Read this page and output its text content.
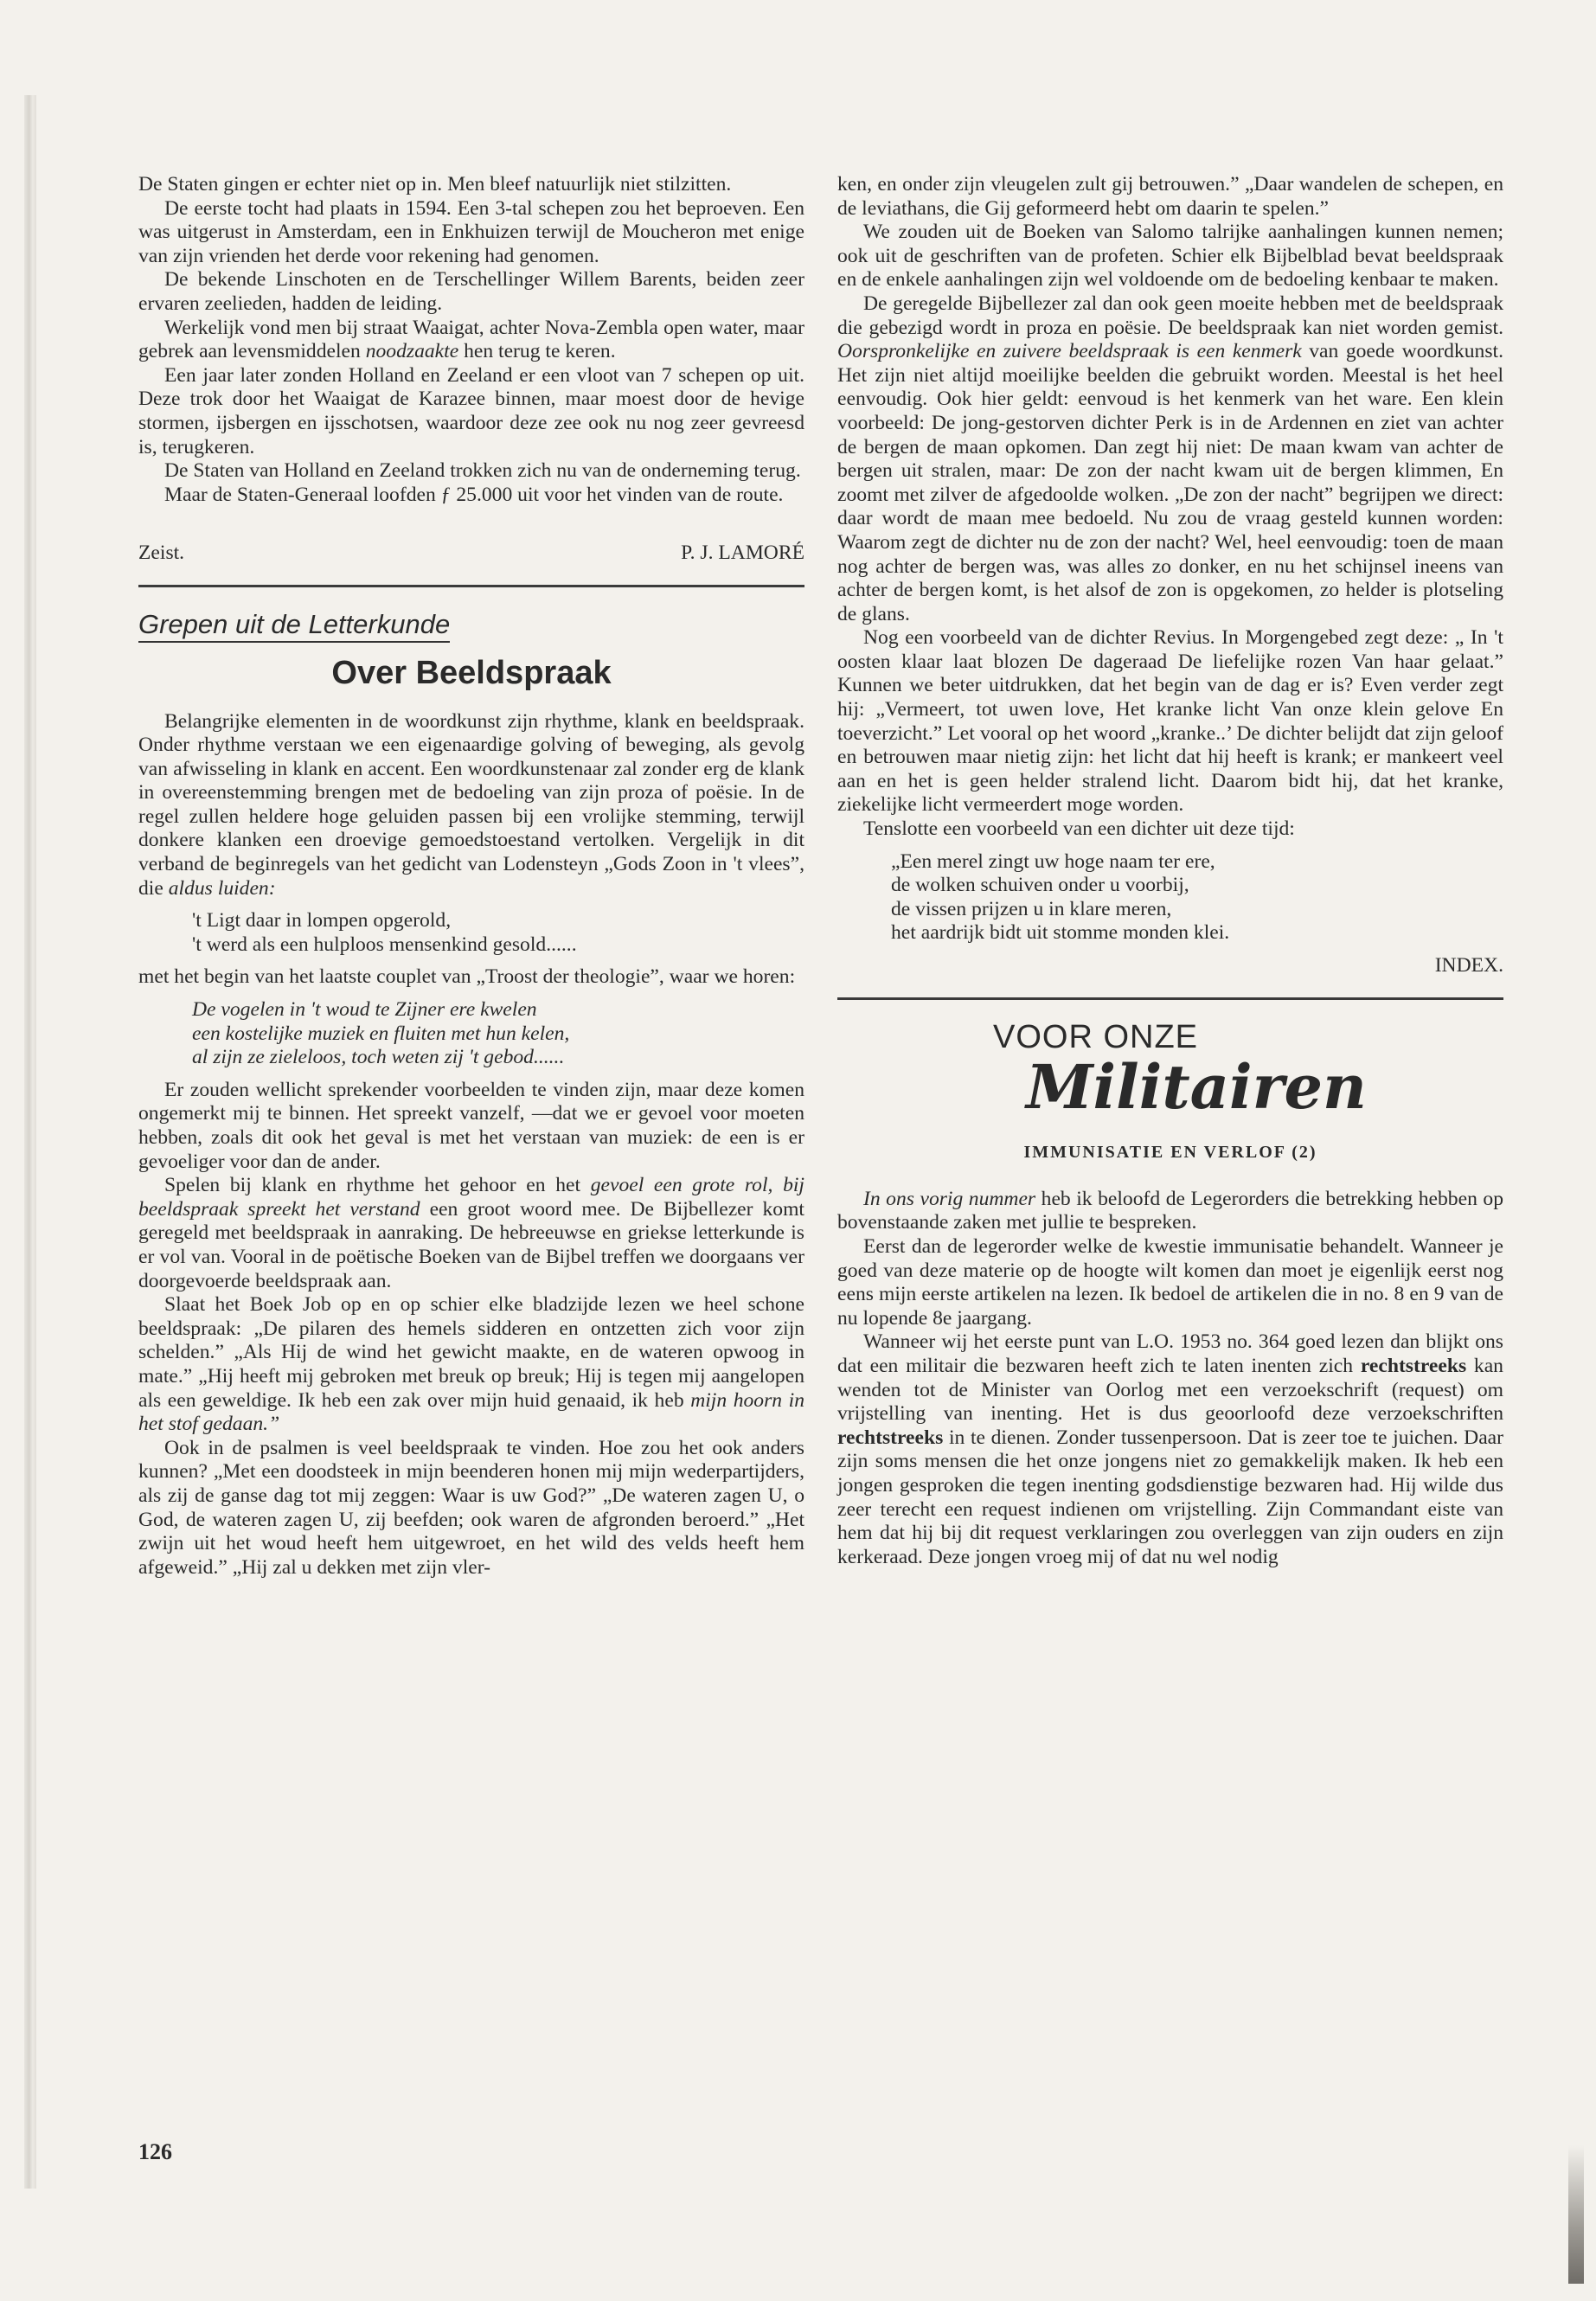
De Staten gingen er echter niet op in. Men bleef natuurlijk niet stilzitten.

De eerste tocht had plaats in 1594. Een 3-tal schepen zou het beproeven. Een was uitgerust in Amsterdam, een in Enkhuizen terwijl de Moucheron met enige van zijn vrienden het derde voor rekening had genomen.

De bekende Linschoten en de Terschellinger Willem Barents, beiden zeer ervaren zeelieden, hadden de leiding.

Werkelijk vond men bij straat Waaigat, achter Nova-Zembla open water, maar gebrek aan levensmiddelen noodzaakte hen terug te keren.

Een jaar later zonden Holland en Zeeland er een vloot van 7 schepen op uit. Deze trok door het Waaigat de Karazee binnen, maar moest door de hevige stormen, ijsbergen en ijsschotsen, waardoor deze zee ook nu nog zeer gevreesd is, terugkeren.

De Staten van Holland en Zeeland trokken zich nu van de onderneming terug.

Maar de Staten-Generaal loofden ƒ 25.000 uit voor het vinden van de route.

Zeist.	P. J. LAMORÉ
Grepen uit de Letterkunde
Over Beeldspraak

Belangrijke elementen in de woordkunst zijn rhythme, klank en beeldspraak. Onder rhythme verstaan we een eigenaardige golving of beweging, als gevolg van afwisseling in klank en accent. Een woordkunstenaar zal zonder erg de klank in overeenstemming brengen met de bedoeling van zijn proza of poësie. In de regel zullen heldere hoge geluiden passen bij een vrolijke stemming, terwijl donkere klanken een droevige gemoedstoestand vertolken. Vergelijk in dit verband de beginregels van het gedicht van Lodensteyn „Gods Zoon in 't vlees”, die aldus luiden:

't Ligt daar in lompen opgerold,
't werd als een hulploos mensenkind gesold......

met het begin van het laatste couplet van „Troost der theologie”, waar we horen:

De vogelen in 't woud te Zijner ere kwelen
een kostelijke muziek en fluiten met hun kelen,
al zijn ze zieleloos, toch weten zij 't gebod......

Er zouden wellicht sprekender voorbeelden te vinden zijn, maar deze komen ongemerkt mij te binnen. Het spreekt vanzelf, —dat we er gevoel voor moeten hebben, zoals dit ook het geval is met het verstaan van muziek: de een is er gevoeliger voor dan de ander.

Spelen bij klank en rhythme het gehoor en het gevoel een grote rol, bij beeldspraak spreekt het verstand een groot woord mee. De Bijbellezer komt geregeld met beeldspraak in aanraking. De hebreeuwse en griekse letterkunde is er vol van. Vooral in de poëtische Boeken van de Bijbel treffen we doorgaans ver doorgevoerde beeldspraak aan.

Slaat het Boek Job op en op schier elke bladzijde lezen we heel schone beeldspraak: „De pilaren des hemels sidderen en ontzetten zich voor zijn schelden.” „Als Hij de wind het gewicht maakte, en de wateren opwoog in mate.” „Hij heeft mij gebroken met breuk op breuk; Hij is tegen mij aangelopen als een geweldige. Ik heb een zak over mijn huid genaaid, ik heb mijn hoorn in het stof gedaan.”

Ook in de psalmen is veel beeldspraak te vinden. Hoe zou het ook anders kunnen? „Met een doodsteek in mijn beenderen honen mij mijn wederpartijders, als zij de ganse dag tot mij zeggen: Waar is uw God?” „De wateren zagen U, o God, de wateren zagen U, zij beefden; ook waren de afgronden beroerd.” „Het zwijn uit het woud heeft hem uitgewroet, en het wild des velds heeft hem afgeweid.” „Hij zal u dekken met zijn vler-

ken, en onder zijn vleugelen zult gij betrouwen.” „Daar wandelen de schepen, en de leviathans, die Gij geformeerd hebt om daarin te spelen.”

We zouden uit de Boeken van Salomo talrijke aanhalingen kunnen nemen; ook uit de geschriften van de profeten. Schier elk Bijbelblad bevat beeldspraak en de enkele aanhalingen zijn wel voldoende om de bedoeling kenbaar te maken.

De geregelde Bijbellezer zal dan ook geen moeite hebben met de beeldspraak die gebezigd wordt in proza en poësie. De beeldspraak kan niet worden gemist. Oorspronkelijke en zuivere beeldspraak is een kenmerk van goede woordkunst. Het zijn niet altijd moeilijke beelden die gebruikt worden. Meestal is het heel eenvoudig. Ook hier geldt: eenvoud is het kenmerk van het ware. Een klein voorbeeld: De jong-gestorven dichter Perk is in de Ardennen en ziet van achter de bergen de maan opkomen. Dan zegt hij niet: De maan kwam van achter de bergen uit stralen, maar: De zon der nacht kwam uit de bergen klimmen, En zoomt met zilver de afgedoolde wolken. „De zon der nacht” begrijpen we direct: daar wordt de maan mee bedoeld. Nu zou de vraag gesteld kunnen worden: Waarom zegt de dichter nu de zon der nacht? Wel, heel eenvoudig: toen de maan nog achter de bergen was, was alles zo donker, en nu het schijnsel ineens van achter de bergen komt, is het alsof de zon is opgekomen, zo helder is plotseling de glans.

Nog een voorbeeld van de dichter Revius. In Morgengebed zegt deze: „ In 't oosten klaar laat blozen De dageraad De liefelijke rozen Van haar gelaat.” Kunnen we beter uitdrukken, dat het begin van de dag er is? Even verder zegt hij: „Vermeert, tot uwen love, Het kranke licht Van onze klein gelove En toeverzicht.” Let vooral op het woord „kranke..’ De dichter belijdt dat zijn geloof en betrouwen maar nietig zijn: het licht dat hij heeft is krank; er mankeert veel aan en het is geen helder stralend licht. Daarom bidt hij, dat het kranke, ziekelijke licht vermeerdert moge worden.

Tenslotte een voorbeeld van een dichter uit deze tijd:

„Een merel zingt uw hoge naam ter ere,
de wolken schuiven onder u voorbij,
de vissen prijzen u in klare meren,
het aardrijk bidt uit stomme monden klei.
INDEX.
VOOR ONZE
Militairen
IMMUNISATIE EN VERLOF (2)

In ons vorig nummer heb ik beloofd de Legerorders die betrekking hebben op bovenstaande zaken met jullie te bespreken.

Eerst dan de legerorder welke de kwestie immunisatie behandelt. Wanneer je goed van deze materie op de hoogte wilt komen dan moet je eigenlijk eerst nog eens mijn eerste artikelen na lezen. Ik bedoel de artikelen die in no. 8 en 9 van de nu lopende 8e jaargang.

Wanneer wij het eerste punt van L.O. 1953 no. 364 goed lezen dan blijkt ons dat een militair die bezwaren heeft zich te laten inenten zich rechtstreeks kan wenden tot de Minister van Oorlog met een verzoekschrift (request) om vrijstelling van inenting. Het is dus geoorloofd deze verzoekschriften rechtstreeks in te dienen. Zonder tussenpersoon. Dat is zeer toe te juichen. Daar zijn soms mensen die het onze jongens niet zo gemakkelijk maken. Ik heb een jongen gesproken die tegen inenting godsdienstige bezwaren had. Hij wilde dus zeer terecht een request indienen om vrijstelling. Zijn Commandant eiste van hem dat hij bij dit request verklaringen zou overleggen van zijn ouders en zijn kerkeraad. Deze jongen vroeg mij of dat nu wel nodig

126
